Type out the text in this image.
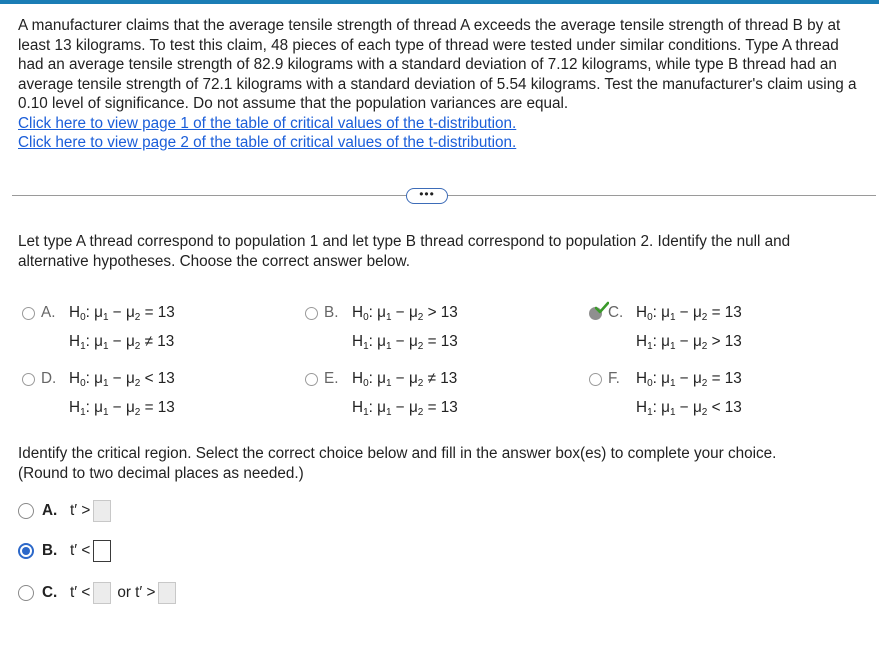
A manufacturer claims that the average tensile strength of thread A exceeds the average tensile strength of thread B by at least 13 kilograms. To test this claim, 48 pieces of each type of thread were tested under similar conditions. Type A thread had an average tensile strength of 82.9 kilograms with a standard deviation of 7.12 kilograms, while type B thread had an average tensile strength of 72.1 kilograms with a standard deviation of 5.54 kilograms. Test the manufacturer's claim using a 0.10 level of significance. Do not assume that the population variances are equal.

Click here to view page 1 of the table of critical values of the t-distribution.
Click here to view page 2 of the table of critical values of the t-distribution.
•••

Let type A thread correspond to population 1 and let type B thread correspond to population 2. Identify the null and alternative hypotheses. Choose the correct answer below.

A. $H_0$: $\mu_1 - \mu_2 = 13$
$H_1$: $\mu_1 - \mu_2 \ne 13$
B. $H_0$: $\mu_1 - \mu_2 > 13$
$H_1$: $\mu_1 - \mu_2 = 13$
C. $H_0$: $\mu_1 - \mu_2 = 13$
$H_1$: $\mu_1 - \mu_2 > 13$
D. $H_0$: $\mu_1 - \mu_2 < 13$
$H_1$: $\mu_1 - \mu_2 = 13$
E. $H_0$: $\mu_1 - \mu_2 \ne 13$
$H_1$: $\mu_1 - \mu_2 = 13$
F.	$H_0$: $\mu_1 - \mu_2 = 13$
$H_1$: $\mu_1 - \mu_2 < 13$

Identify the critical region. Select the correct choice below and fill in the answer box(es) to complete your choice.

(Round to two decimal places as needed.)

A. t′ >
B. t′ <
C. t′ < or t′ >
